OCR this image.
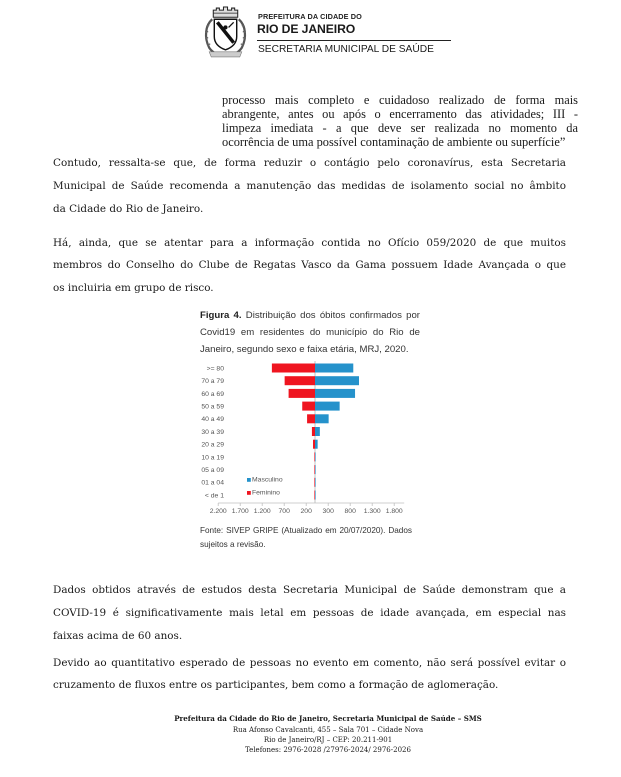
PREFEITURA DA CIDADE DO
RIO DE JANEIRO
SECRETARIA MUNICIPAL DE SAÚDE
processo mais completo e cuidadoso realizado de forma mais
abrangente, antes ou após o encerramento das atividades; III -
limpeza imediata - a que deve ser realizada no momento da
ocorrência de uma possível contaminação de ambiente ou superfície”
Contudo, ressalta-se que, de forma reduzir o contágio pelo coronavírus, esta Secretaria
Municipal de Saúde recomenda a manutenção das medidas de isolamento social no âmbito
da Cidade do Rio de Janeiro.
Há, ainda, que se atentar para a informação contida no Ofício 059/2020 de que muitos
membros do Conselho do Clube de Regatas Vasco da Gama possuem Idade Avançada o que
os incluiria em grupo de risco.
Figura 4. Distribuição dos óbitos confirmados por
Covid19 em residentes do município do Rio de
Janeiro, segundo sexo e faixa etária, MRJ, 2020.
>= 80
70 a 79
60 a 69
50 a 59
40 a 49
30 a 39
20 a 29
10 a 19
05 a 09
01 a 04
< de 1
2.200 1.700 1.200 700 200 300 800 1.300 1.800
Masculino
Feminino
Fonte: SIVEP GRIPE (Atualizado em 20/07/2020). Dados
sujeitos a revisão.
Dados obtidos através de estudos desta Secretaria Municipal de Saúde demonstram que a
COVID-19 é significativamente mais letal em pessoas de idade avançada, em especial nas
faixas acima de 60 anos.
Devido ao quantitativo esperado de pessoas no evento em comento, não será possível evitar o
cruzamento de fluxos entre os participantes, bem como a formação de aglomeração.
Prefeitura da Cidade do Rio de Janeiro, Secretaria Municipal de Saúde – SMS
Rua Afonso Cavalcanti, 455 – Sala 701 – Cidade Nova
Rio de Janeiro/RJ – CEP: 20.211-901
Telefones: 2976-2028 /27976-2024/ 2976-2026
